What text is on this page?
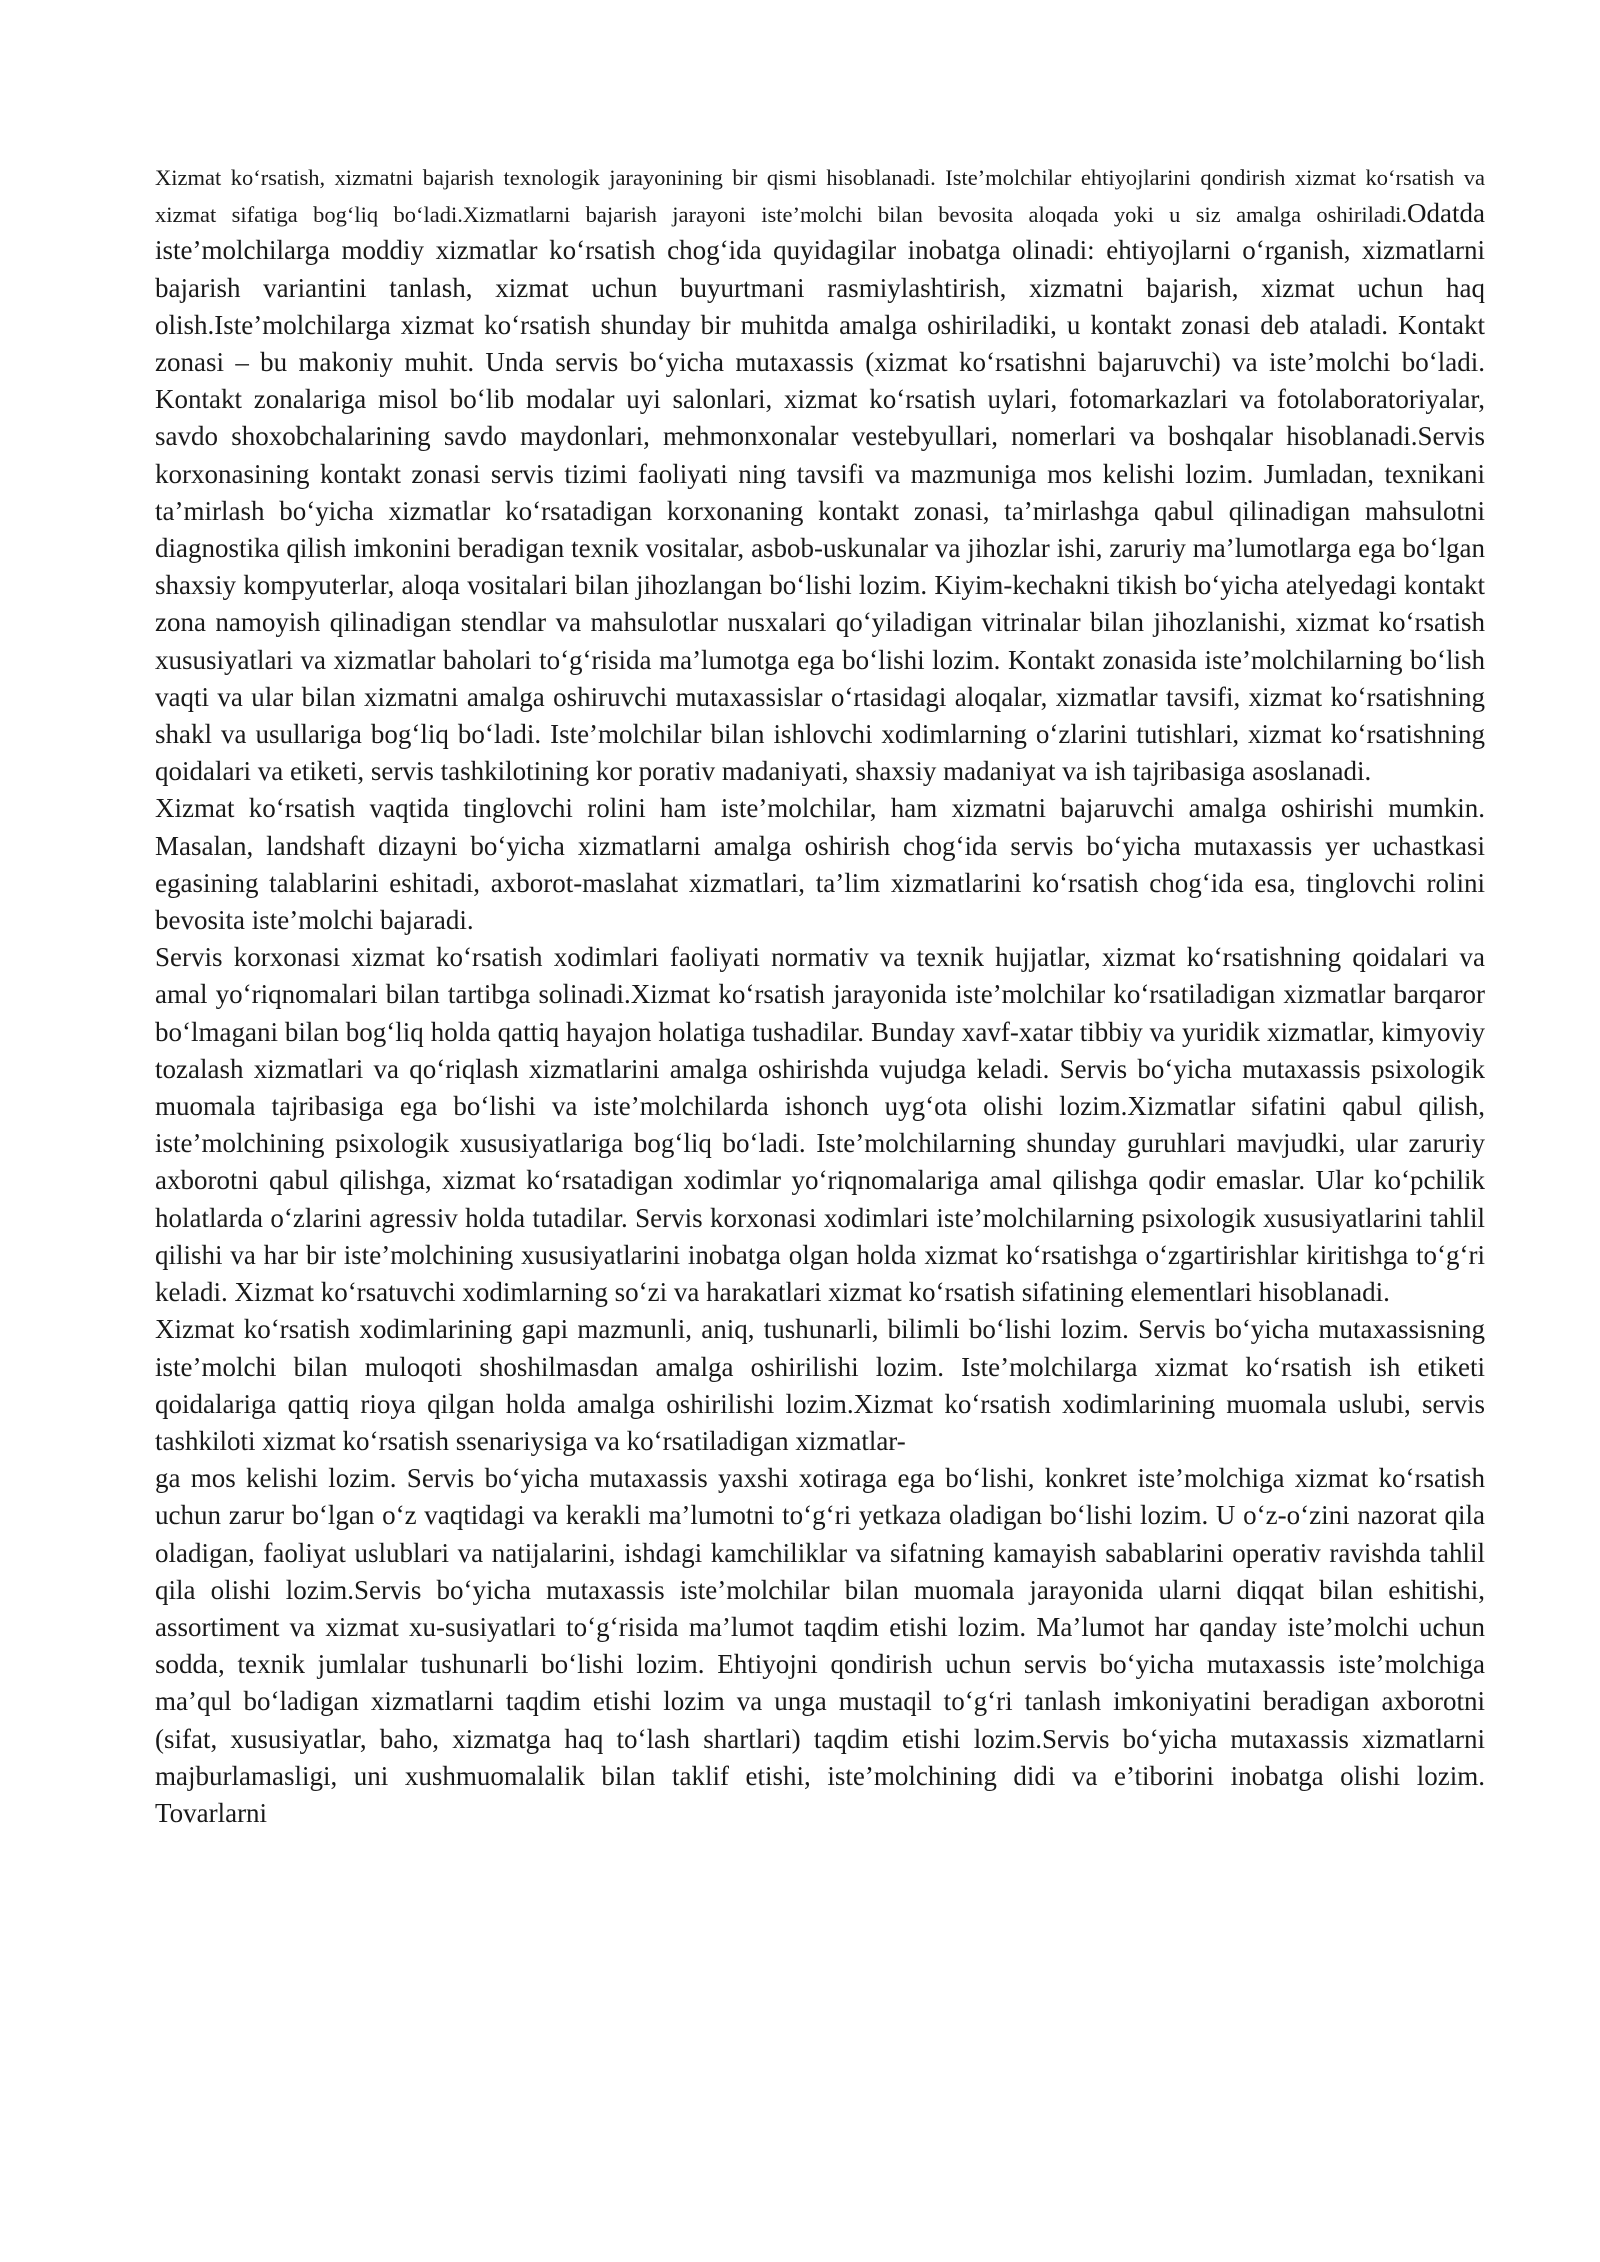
Xizmat ko‘rsatish, xizmatni bajarish texnologik jarayonining bir qismi hisoblanadi. Iste’molchilar ehtiyojlarini qondirish xizmat ko‘rsatish va xizmat sifatiga bog‘liq bo‘ladi.Xizmatlarni bajarish jarayoni iste’molchi bilan bevosita aloqada yoki u siz amalga oshiriladi.Odatda iste’molchilarga moddiy xizmatlar ko‘rsatish chog‘ida quyidagilar inobatga olinadi: ehtiyojlarni o‘rganish, xizmatlarni bajarish variantini tanlash, xizmat uchun buyurtmani rasmiylashtirish, xizmatni bajarish, xizmat uchun haq olish.Iste’molchilarga xizmat ko‘rsatish shunday bir muhitda amalga oshiriladiki, u kontakt zonasi deb ataladi. Kontakt zonasi – bu makoniy muhit. Unda servis bo‘yicha mutaxassis (xizmat ko‘rsatishni bajaruvchi) va iste’molchi bo‘ladi. Kontakt zonalariga misol bo‘lib modalar uyi salonlari, xizmat ko‘rsatish uylari, fotomarkazlari va fotolaboratoriyalar, savdo shoxobchalarining savdo maydonlari, mehmonxonalar vestebyullari, nomerlari va boshqalar hisoblanadi.Servis korxonasining kontakt zonasi servis tizimi faoliyati ning tavsifi va mazmuniga mos kelishi lozim. Jumladan, texnikani ta’mirlash bo‘yicha xizmatlar ko‘rsatadigan korxonaning kontakt zonasi, ta’mirlashga qabul qilinadigan mahsulotni diagnostika qilish imkonini beradigan texnik vositalar, asbob-uskunalar va jihozlar ishi, zaruriy ma’lumotlarga ega bo‘lgan shaxsiy kompyuterlar, aloqa vositalari bilan jihozlangan bo‘lishi lozim. Kiyim-kechakni tikish bo‘yicha atelyedagi kontakt zona namoyish qilinadigan stendlar va mahsulotlar nusxalari qo‘yiladigan vitrinalar bilan jihozlanishi, xizmat ko‘rsatish xususiyatlari va xizmatlar baholari to‘g‘risida ma’lumotga ega bo‘lishi lozim. Kontakt zonasida iste’molchilarning bo‘lish vaqti va ular bilan xizmatni amalga oshiruvchi mutaxassislar o‘rtasidagi aloqalar, xizmatlar tavsifi, xizmat ko‘rsatishning shakl va usullariga bog‘liq bo‘ladi. Iste’molchilar bilan ishlovchi xodimlarning o‘zlarini tutishlari, xizmat ko‘rsatishning qoidalari va etiketi, servis tashkilotining kor porativ madaniyati, shaxsiy madaniyat va ish tajribasiga asoslanadi.

Xizmat ko‘rsatish vaqtida tinglovchi rolini ham iste’molchilar, ham xizmatni bajaruvchi amalga oshirishi mumkin. Masalan, landshaft dizayni bo‘yicha xizmatlarni amalga oshirish chog‘ida servis bo‘yicha mutaxassis yer uchastkasi egasining talablarini eshitadi, axborot-maslahat xizmatlari, ta’lim xizmatlarini ko‘rsatish chog‘ida esa, tinglovchi rolini bevosita iste’molchi bajaradi.

Servis korxonasi xizmat ko‘rsatish xodimlari faoliyati normativ va texnik hujjatlar, xizmat ko‘rsatishning qoidalari va amal yo‘riqnomalari bilan tartibga solinadi.Xizmat ko‘rsatish jarayonida iste’molchilar ko‘rsatiladigan xizmatlar barqaror bo‘lmagani bilan bog‘liq holda qattiq hayajon holatiga tushadilar. Bunday xavf-xatar tibbiy va yuridik xizmatlar, kimyoviy tozalash xizmatlari va qo‘riqlash xizmatlarini amalga oshirishda vujudga keladi. Servis bo‘yicha mutaxassis psixologik muomala tajribasiga ega bo‘lishi va iste’molchilarda ishonch uyg‘ota olishi lozim.Xizmatlar sifatini qabul qilish, iste’molchining psixologik xususiyatlariga bog‘liq bo‘ladi. Iste’molchilarning shunday guruhlari mavjudki, ular zaruriy axborotni qabul qilishga, xizmat ko‘rsatadigan xodimlar yo‘riqnomalariga amal qilishga qodir emaslar. Ular ko‘pchilik holatlarda o‘zlarini agressiv holda tutadilar. Servis korxonasi xodimlari iste’molchilarning psixologik xususiyatlarini tahlil qilishi va har bir iste’molchining xususiyatlarini inobatga olgan holda xizmat ko‘rsatishga o‘zgartirishlar kiritishga to‘g‘ri keladi. Xizmat ko‘rsatuvchi xodimlarning so‘zi va harakatlari xizmat ko‘rsatish sifatining elementlari hisoblanadi.

Xizmat ko‘rsatish xodimlarining gapi mazmunli, aniq, tushunarli, bilimli bo‘lishi lozim. Servis bo‘yicha mutaxassisning iste’molchi bilan muloqoti shoshilmasdan amalga oshirilishi lozim. Iste’molchilarga xizmat ko‘rsatish ish etiketi qoidalariga qattiq rioya qilgan holda amalga oshirilishi lozim.Xizmat ko‘rsatish xodimlarining muomala uslubi, servis tashkiloti xizmat ko‘rsatish ssenariysiga va ko‘rsatiladigan xizmatlar-

ga mos kelishi lozim. Servis bo‘yicha mutaxassis yaxshi xotiraga ega bo‘lishi, konkret iste’molchiga xizmat ko‘rsatish uchun zarur bo‘lgan o‘z vaqtidagi va kerakli ma’lumotni to‘g‘ri yetkaza oladigan bo‘lishi lozim. U o‘z-o‘zini nazorat qila oladigan, faoliyat uslublari va natijalarini, ishdagi kamchiliklar va sifatning kamayish sabablarini operativ ravishda tahlil qila olishi lozim.Servis bo‘yicha mutaxassis iste’molchilar bilan muomala jarayonida ularni diqqat bilan eshitishi, assortiment va xizmat xu-susiyatlari to‘g‘risida ma’lumot taqdim etishi lozim. Ma’lumot har qanday iste’molchi uchun sodda, texnik jumlalar tushunarli bo‘lishi lozim. Ehtiyojni qondirish uchun servis bo‘yicha mutaxassis iste’molchiga ma’qul bo‘ladigan xizmatlarni taqdim etishi lozim va unga mustaqil to‘g‘ri tanlash imkoniyatini beradigan axborotni (sifat, xususiyatlar, baho, xizmatga haq to‘lash shartlari) taqdim etishi lozim.Servis bo‘yicha mutaxassis xizmatlarni majburlamasligi, uni xushmuomalalik bilan taklif etishi, iste’molchining didi va e’tiborini inobatga olishi lozim. Tovarlarni
